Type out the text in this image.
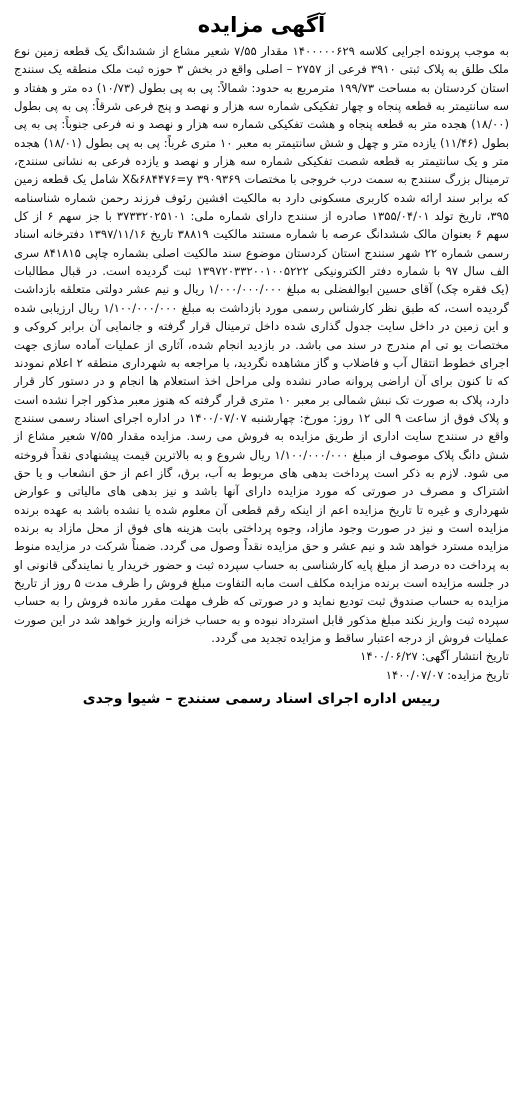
آگهی مزایده

به موجب پرونده اجرایی کلاسه ۱۴۰۰۰۰۰۶۲۹ مقدار ۷/۵۵ شعیر مشاع از ششدانگ یک قطعه زمین نوع ملک طلق به پلاک ثبتی ۳۹۱۰ فرعی از ۲۷۵۷ – اصلی واقع در بخش ۳ حوزه ثبت ملک منطقه یک سنندج استان کردستان به مساحت ۱۹۹/۷۳ مترمربع به حدود: شمالاً: پی به پی بطول (۱۰/۷۳) ده متر و هفتاد و سه سانتیمتر به قطعه پنجاه و چهار تفکیکی شماره سه هزار و نهصد و پنج فرعی شرقاً: پی به پی بطول (۱۸/۰۰) هجده متر به قطعه پنجاه و هشت تفکیکی شماره سه هزار و نهصد و نه فرعی جنوباً: پی به پی بطول (۱۱/۴۶) یازده متر و چهل و شش سانتیمتر به معبر ۱۰ متری غرباً: پی به پی بطول (۱۸/۰۱) هجده متر و یک سانتیمتر به قطعه شصت تفکیکی شماره سه هزار و نهصد و یازده فرعی به نشانی سنندج، ترمینال بزرگ سنندج به سمت درب خروجی با مختصات X&۶۸۴۴۷۶=y ۳۹۰۹۳۶۹ شامل یک قطعه زمین که برابر سند ارائه شده کاربری مسکونی دارد به مالکیت افشین رئوف فرزند رحمن شماره شناسنامه ۳۹۵، تاریخ تولد ۱۳۵۵/۰۴/۰۱ صادره از سنندج دارای شماره ملی: ۳۷۳۳۲۰۲۵۱۰۱ با جز سهم ۶ از کل سهم ۶ بعنوان مالک ششدانگ عرصه با شماره مستند مالکیت ۳۸۸۱۹ تاریخ ۱۳۹۷/۱۱/۱۶ دفترخانه اسناد رسمی شماره ۲۲ شهر سنندج استان کردستان موضوع سند مالکیت اصلی بشماره چاپی ۸۴۱۸۱۵ سری الف سال ۹۷ با شماره دفتر الکترونیکی ۱۳۹۷۲۰۳۳۲۰۰۱۰۰۵۲۲۲ ثبت گردیده است. در قبال مطالبات (یک فقره چک) آقای حسین ابوالفضلی به مبلغ ۱/۰۰۰/۰۰۰/۰۰۰ ریال و نیم عشر دولتی متعلقه بازداشت گردیده است، که طبق نظر کارشناس رسمی مورد بازداشت به مبلغ ۱/۱۰۰/۰۰۰/۰۰۰ ریال ارزیابی شده و این زمین در داخل سایت جدول گذاری شده داخل ترمینال قرار گرفته و جانمایی آن برابر کروکی و مختصات یو تی ام مندرج در سند می باشد. در بازدید انجام شده، آثاری از عملیات آماده سازی جهت اجرای خطوط انتقال آب و فاضلاب و گاز مشاهده نگردید، با مراجعه به شهرداری منطقه ۲ اعلام نمودند که تا کنون برای آن اراضی پروانه صادر نشده ولی مراحل اخذ استعلام ها انجام و در دستور کار قرار دارد، پلاک به صورت تک نبش شمالی بر معبر ۱۰ متری قرار گرفته که هنوز معبر مذکور اجرا نشده است و پلاک فوق از ساعت ۹ الی ۱۲ روز: مورخ: چهارشنبه ۱۴۰۰/۰۷/۰۷ در اداره اجرای اسناد رسمی سنندج واقع در سنندج سایت اداری از طریق مزایده به فروش می رسد. مزایده مقدار ۷/۵۵ شعیر مشاع از شش دانگ پلاک موصوف از مبلغ ۱/۱۰۰/۰۰۰/۰۰۰ ریال شروع و به بالاترین قیمت پیشنهادی نقداً فروخته می شود. لازم به ذکر است پرداخت بدهی های مربوط به آب، برق، گاز اعم از حق انشعاب و یا حق اشتراک و مصرف در صورتی که مورد مزایده دارای آنها باشد و نیز بدهی های مالیاتی و عوارض شهرداری و غیره تا تاریخ مزایده اعم از اینکه رقم قطعی آن معلوم شده یا نشده باشد به عهده برنده مزایده است و نیز در صورت وجود مازاد، وجوه پرداختی بابت هزینه های فوق از محل مازاد به برنده مزایده مسترد خواهد شد و نیم عشر و حق مزایده نقداً وصول می گردد. ضمناً شرکت در مزایده منوط به پرداخت ده درصد از مبلغ پایه کارشناسی به حساب سپرده ثبت و حضور خریدار یا نمایندگی قانونی او در جلسه مزایده است برنده مزایده مکلف است مابه التفاوت مبلغ فروش را ظرف مدت ۵ روز از تاریخ مزایده به حساب صندوق ثبت تودیع نماید و در صورتی که ظرف مهلت مقرر مانده فروش را به حساب سپرده ثبت واریز نکند مبلغ مذکور قابل استرداد نبوده و به حساب خزانه واریز خواهد شد در این صورت عملیات فروش از درجه اعتبار ساقط و مزایده تجدید می گردد.

تاریخ انتشار آگهی: ۱۴۰۰/۰۶/۲۷
تاریخ مزایده: ۱۴۰۰/۰۷/۰۷
رییس اداره اجرای اسناد رسمی سنندج – شیوا وجدی
